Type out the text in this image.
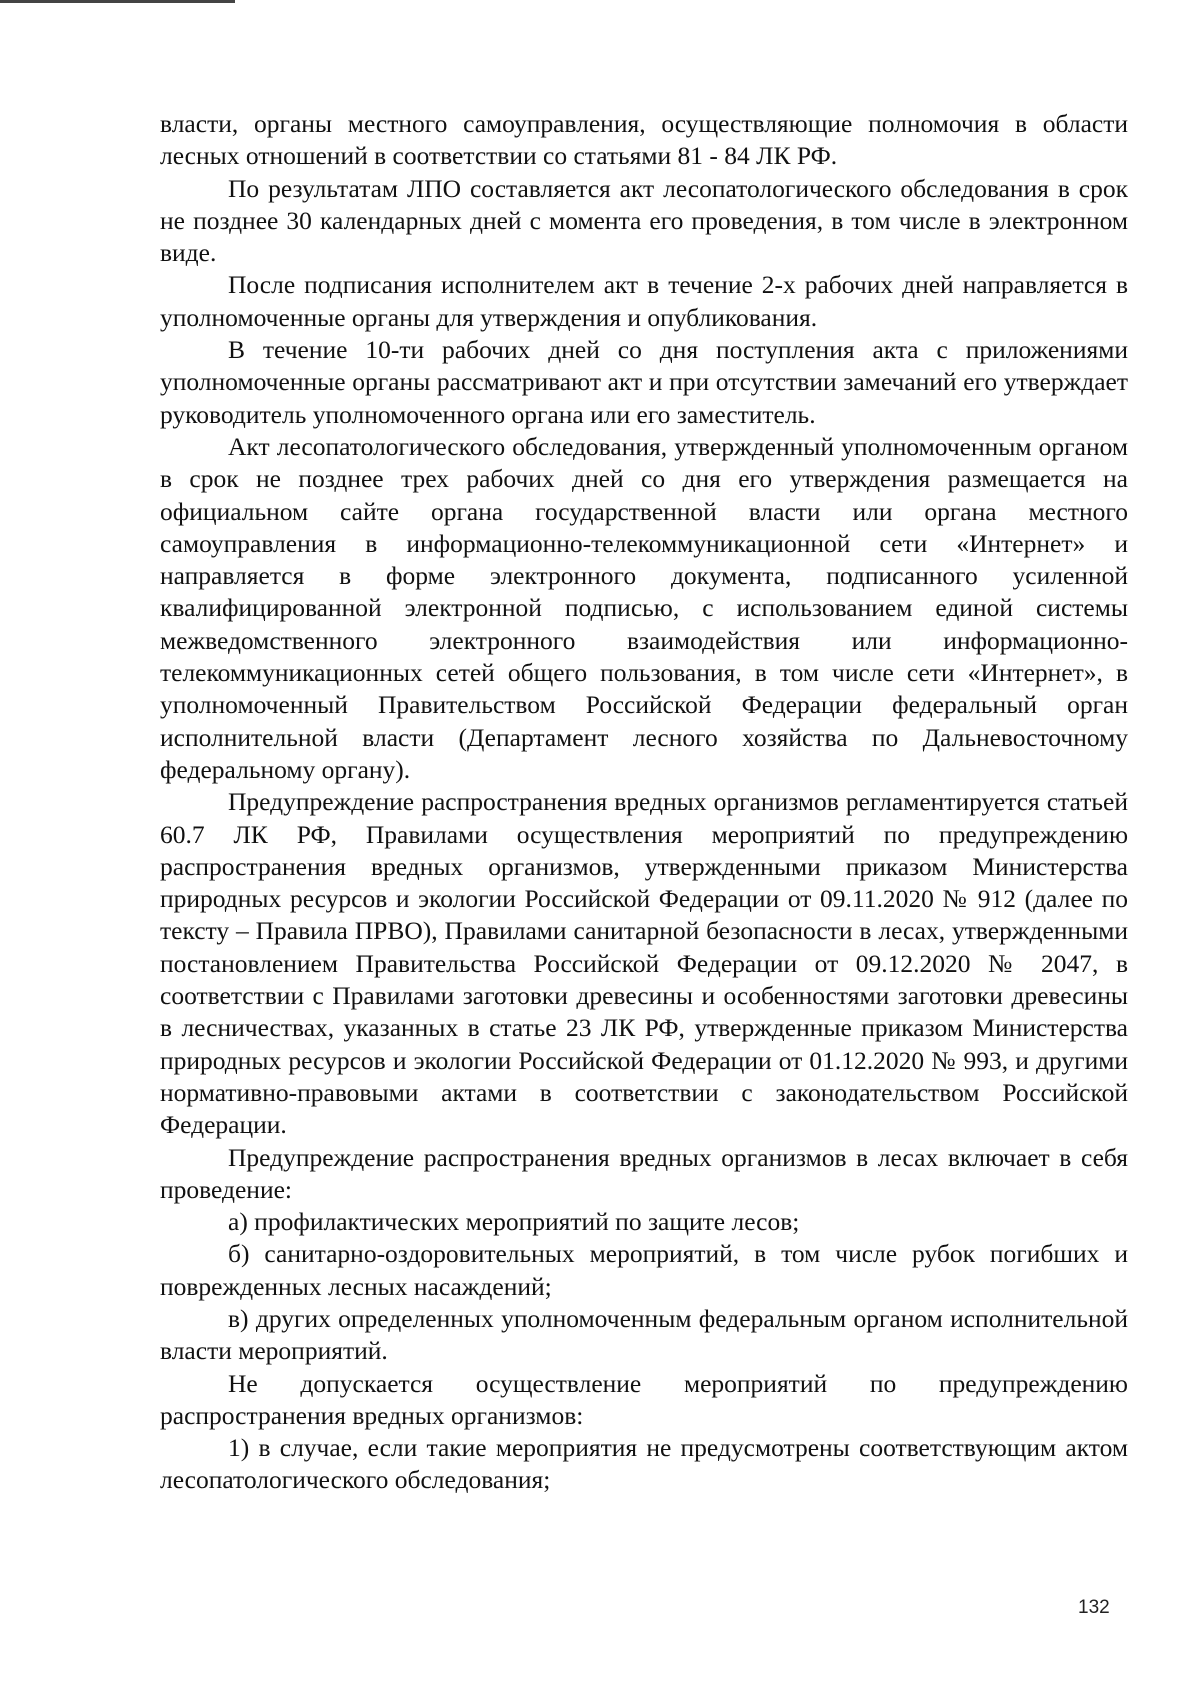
власти, органы местного самоуправления, осуществляющие полномочия в области лесных отношений в соответствии со статьями 81 - 84 ЛК РФ.

По результатам ЛПО составляется акт лесопатологического обследования в срок не позднее 30 календарных дней с момента его проведения, в том числе в электронном виде.

После подписания исполнителем акт в течение 2-х рабочих дней направляется в уполномоченные органы для утверждения и опубликования.

В течение 10-ти рабочих дней со дня поступления акта с приложениями уполномоченные органы рассматривают акт и при отсутствии замечаний его утверждает руководитель уполномоченного органа или его заместитель.

Акт лесопатологического обследования, утвержденный уполномоченным органом в срок не позднее трех рабочих дней со дня его утверждения размещается на официальном сайте органа государственной власти или органа местного самоуправления в информационно-телекоммуникационной сети «Интернет» и направляется в форме электронного документа, подписанного усиленной квалифицированной электронной подписью, с использованием единой системы межведомственного электронного взаимодействия или информационно-телекоммуникационных сетей общего пользования, в том числе сети «Интернет», в уполномоченный Правительством Российской Федерации федеральный орган исполнительной власти (Департамент лесного хозяйства по Дальневосточному федеральному органу).

Предупреждение распространения вредных организмов регламентируется статьей 60.7 ЛК РФ, Правилами осуществления мероприятий по предупреждению распространения вредных организмов, утвержденными приказом Министерства природных ресурсов и экологии Российской Федерации от 09.11.2020 № 912 (далее по тексту – Правила ПРВО), Правилами санитарной безопасности в лесах, утвержденными постановлением Правительства Российской Федерации от 09.12.2020 № 2047, в соответствии с Правилами заготовки древесины и особенностями заготовки древесины в лесничествах, указанных в статье 23 ЛК РФ, утвержденные приказом Министерства природных ресурсов и экологии Российской Федерации от 01.12.2020 № 993, и другими нормативно-правовыми актами в соответствии с законодательством Российской Федерации.

Предупреждение распространения вредных организмов в лесах включает в себя проведение:

а) профилактических мероприятий по защите лесов;

б) санитарно-оздоровительных мероприятий, в том числе рубок погибших и поврежденных лесных насаждений;

в) других определенных уполномоченным федеральным органом исполнительной власти мероприятий.

Не допускается осуществление мероприятий по предупреждению распространения вредных организмов:

1) в случае, если такие мероприятия не предусмотрены соответствующим актом лесопатологического обследования;

132
